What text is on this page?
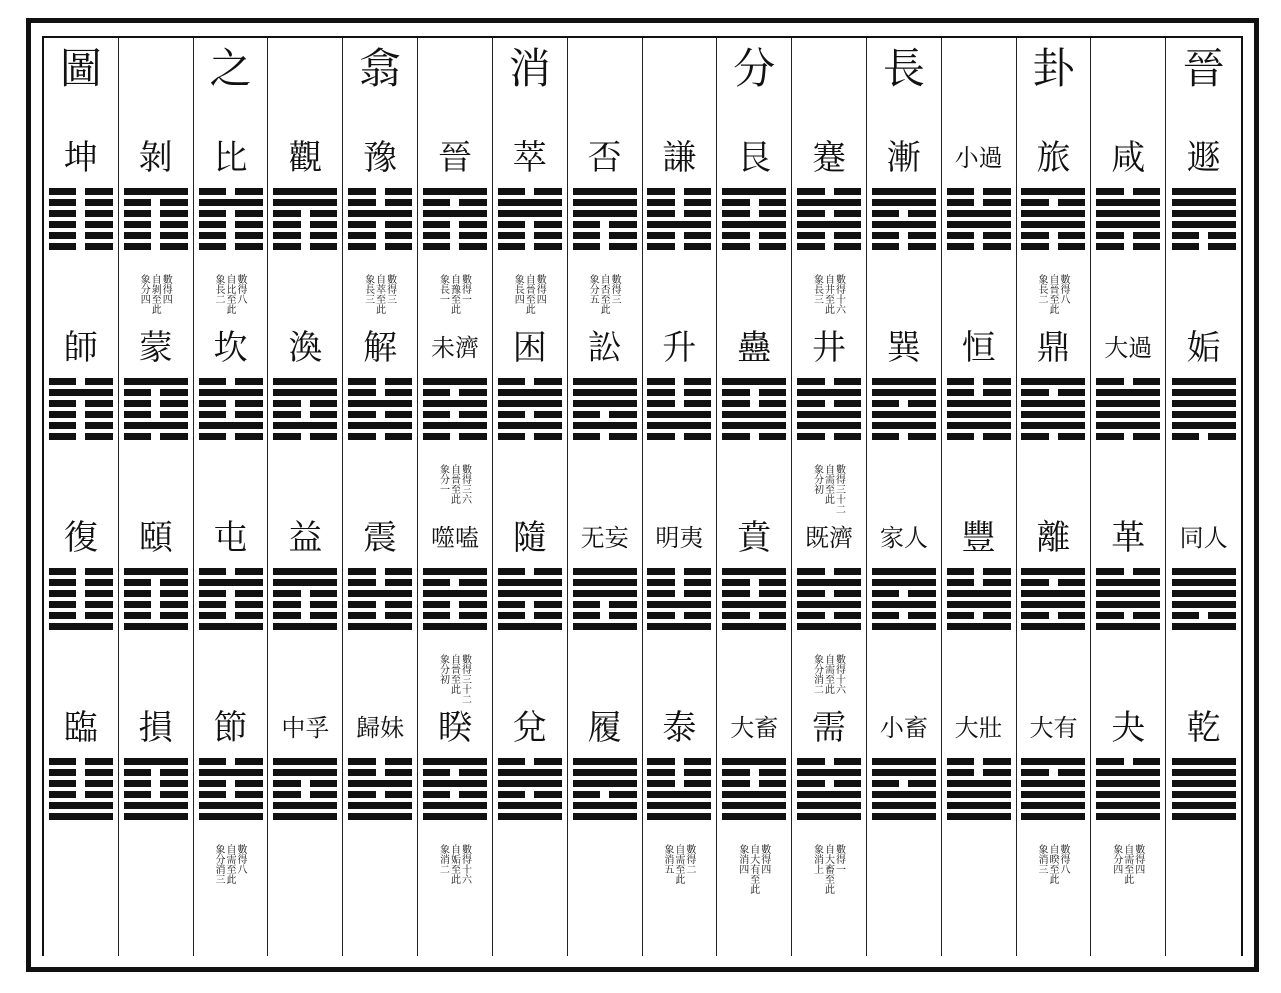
圖
坤
師
復
臨
剝
蒙
頤
損
數得四
自剝至此
象分四
之
比
坎
屯
節
數得八
自比至此
象長二
數得八
自需至此
象分消三
觀
渙
益
中孚
翕
豫
解
震
歸妹
數得三
自萃至此
象長三
晉
未濟
噬嗑
睽
數得一
自豫至此
象長一
數得三六
自晉至此
象分一
數得三十二
自晉至此
象分初
數得十六
自姤至此
象消二
消
萃
困
隨
兌
數得四
自晉至此
象長四
否
訟
无妄
履
數得三
自否至此
象分五
謙
升
明夷
泰
數得二
自需至此
象消五
分
艮
蠱
賁
大畜
數得四
自大有至此
象消四
蹇
井
既濟
需
數得十六
自井至此
象長三
數得三十二
自需至此
象分初
數得十六
自需至此
象分消二
數得一
自大畜至此
象消上
長
漸
巽
家人
小畜
小過
恒
豐
大壯
卦
旅
鼎
離
大有
數得八
自晉至此
象長二
數得八
自睽至此
象消三
咸
大過
革
夬
數得四
自需至此
象分四
晉
遯
姤
同人
乾
